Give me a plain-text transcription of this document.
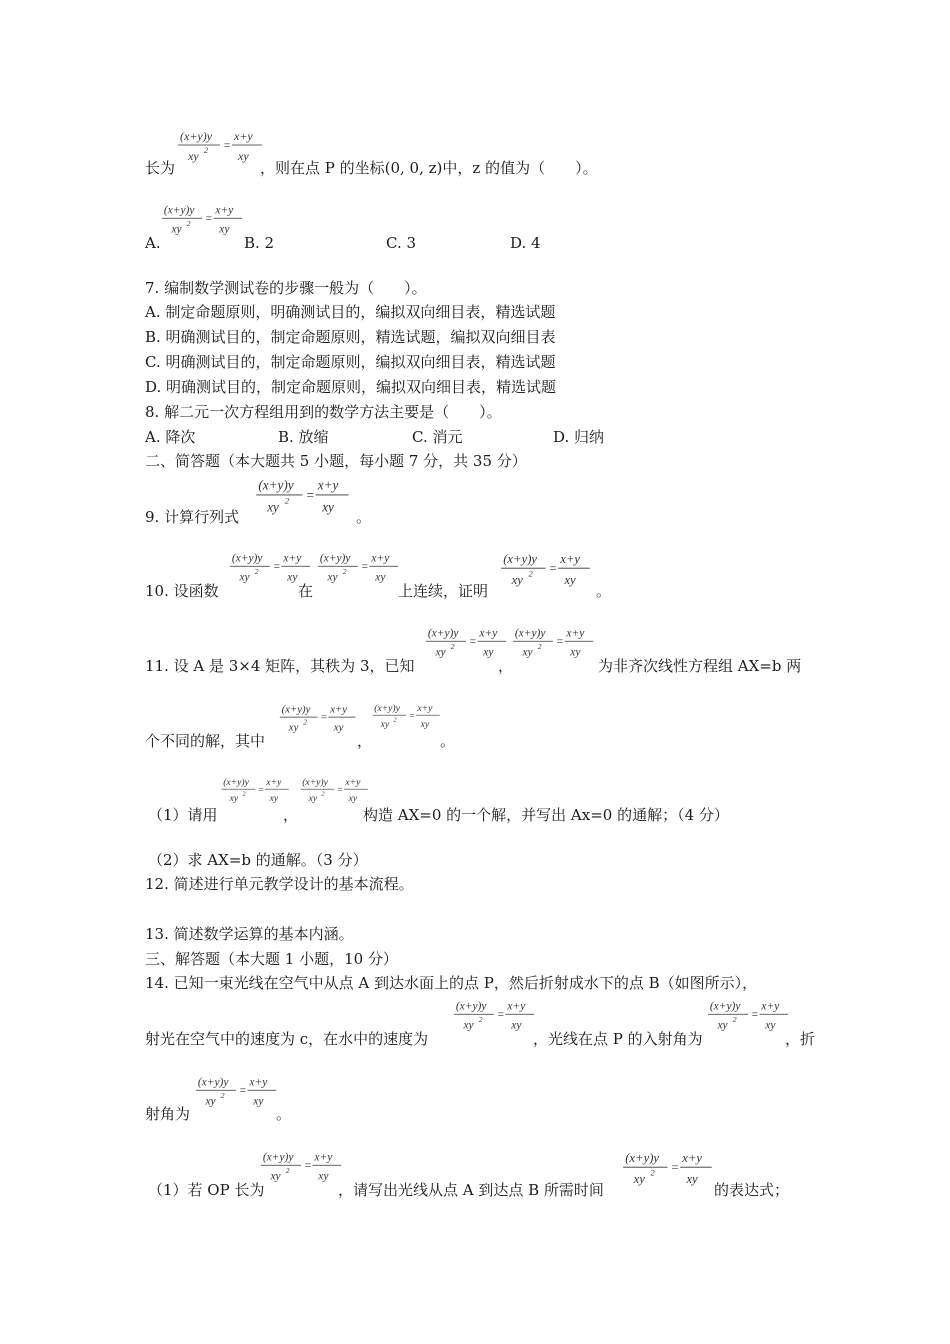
(x+y)y
xy 2 =
x+y
xy
长为	，则在点 P 的坐标(0, 0, z)中，z 的值为（　　）。
(x+y)y
xy
2 =
x+y
xy
A.	B. 2	C. 3	D. 4
7. 编制数学测试卷的步骤一般为（　　）。
A. 制定命题原则，明确测试目的，编拟双向细目表，精选试题
B. 明确测试目的，制定命题原则，精选试题，编拟双向细目表
C. 明确测试目的，制定命题原则，编拟双向细目表，精选试题
D. 明确测试目的，制定命题原则，编拟双向细目表，精选试题
8. 解二元一次方程组用到的数学方法主要是（　　）。
A. 降次	B. 放缩	C. 消元	D. 归纳
二、简答题（本大题共 5 小题，每小题 7 分，共 35 分）
(x+y)y
xy 2 =
x+y
xy
9. 计算行列式	。
(x+y)y
xy
2 =
x+y
xy
(x+y)y
xy
2 =
x+y
xy
(x+y)y
xy 2 =
x+y
xy
10. 设函数	在	上连续，证明	。
(x+y)y
xy
2 =
x+y
xy
(x+y)y
xy
2 =
x+y
xy
11. 设 A 是 3×4 矩阵，其秩为 3，已知	，	为非齐次线性方程组 AX=b 两
(x+y)y
xy 2 =
x+y
xy
(x+y)y
xy 2 =
x+y
xy
个不同的解，其中	，	。
(x+y)y
xy 2 =
x+y
xy
(x+y)y
xy 2 =
x+y
xy
（1）请用	，	构造 AX=0 的一个解，并写出 Ax=0 的通解；（4 分）
（2）求 AX=b 的通解。（3 分）
12. 简述进行单元教学设计的基本流程。
13. 简述数学运算的基本内涵。
三、解答题（本大题 1 小题，10 分）
14. 已知一束光线在空气中从点 A 到达水面上的点 P，然后折射成水下的点 B（如图所示），
(x+y)y
xy
2 =
x+y
xy
(x+y)y
xy
2 =
x+y
xy
射光在空气中的速度为 c，在水中的速度为	，光线在点 P 的入射角为	，折
(x+y)y
xy
2 =
x+y
xy
射角为	。
(x+y)y
xy
2 =
x+y
xy
(x+y)y
xy 2 =
x+y
xy
（1）若 OP 长为	，请写出光线从点 A 到达点 B 所需时间	的表达式；
